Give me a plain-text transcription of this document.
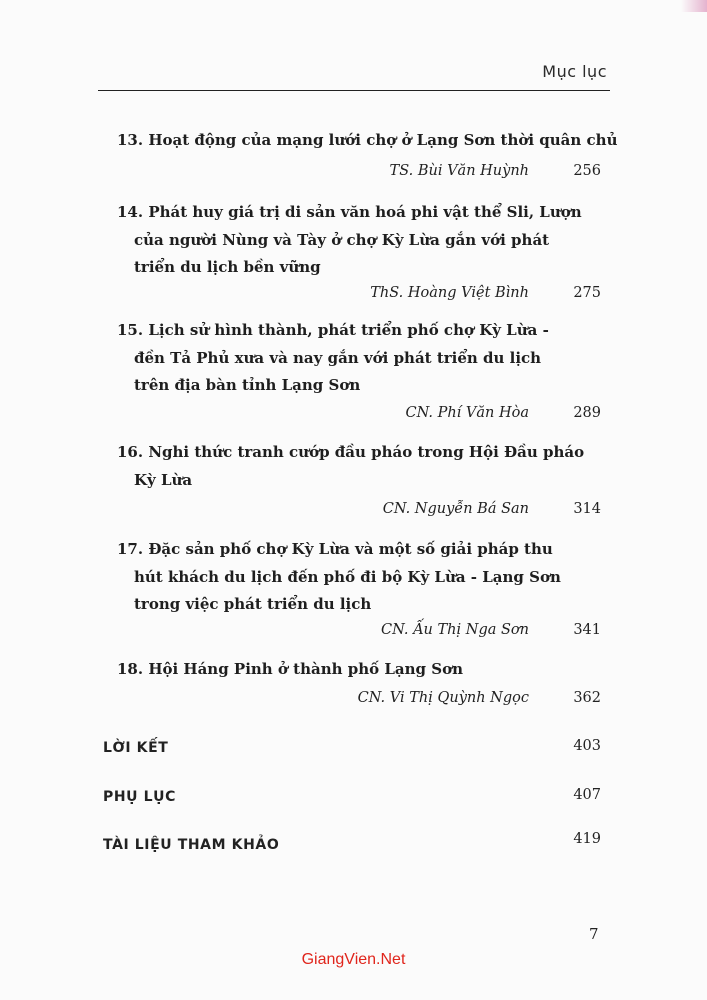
Mục lục
13. Hoạt động của mạng lưới chợ ở Lạng Sơn thời quân chủ
TS. Bùi Văn Huỳnh	256
14. Phát huy giá trị di sản văn hoá phi vật thể Sli, Lượn
của người Nùng và Tày ở chợ Kỳ Lừa gắn với phát
triển du lịch bền vững
ThS. Hoàng Việt Bình	275
15. Lịch sử hình thành, phát triển phố chợ Kỳ Lừa -
đền Tả Phủ xưa và nay gắn với phát triển du lịch
trên địa bàn tỉnh Lạng Sơn
CN. Phí Văn Hòa	289
16. Nghi thức tranh cướp đầu pháo trong Hội Đầu pháo
Kỳ Lừa
CN. Nguyễn Bá San	314
17. Đặc sản phố chợ Kỳ Lừa và một số giải pháp thu
hút khách du lịch đến phố đi bộ Kỳ Lừa - Lạng Sơn
trong việc phát triển du lịch
CN. Ấu Thị Nga Sơn	341
18. Hội Háng Pinh ở thành phố Lạng Sơn
CN. Vi Thị Quỳnh Ngọc	362
LỜI KẾT	403
PHỤ LỤC	407
TÀI LIỆU THAM KHẢO	419
7
GiangVien.Net
